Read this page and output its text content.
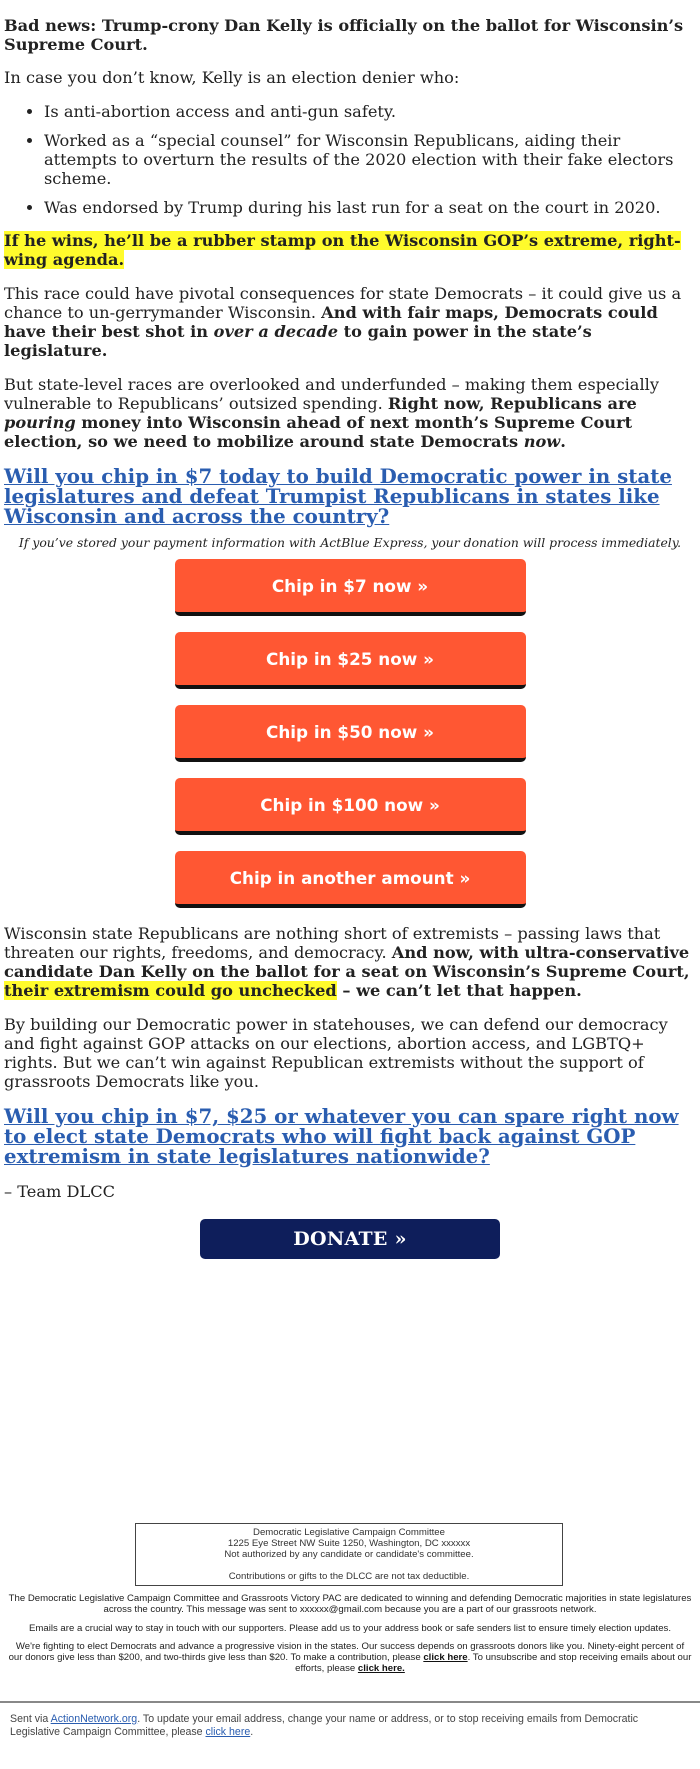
Bad news: Trump-crony Dan Kelly is officially on the ballot for Wisconsin’s Supreme Court.

In case you don’t know, Kelly is an election denier who:

• Is anti-abortion access and anti-gun safety.
• Worked as a “special counsel” for Wisconsin Republicans, aiding their attempts to overturn the results of the 2020 election with their fake electors scheme.
• Was endorsed by Trump during his last run for a seat on the court in 2020.

If he wins, he’ll be a rubber stamp on the Wisconsin GOP’s extreme, right-wing agenda.

This race could have pivotal consequences for state Democrats – it could give us a chance to un-gerrymander Wisconsin. And with fair maps, Democrats could have their best shot in over a decade to gain power in the state’s legislature.

But state-level races are overlooked and underfunded – making them especially vulnerable to Republicans’ outsized spending. Right now, Republicans are pouring money into Wisconsin ahead of next month’s Supreme Court election, so we need to mobilize around state Democrats now.

Will you chip in $7 today to build Democratic power in state legislatures and defeat Trumpist Republicans in states like Wisconsin and across the country?
If you’ve stored your payment information with ActBlue Express, your donation will process immediately.
Chip in $7 now »
Chip in $25 now »
Chip in $50 now »
Chip in $100 now »
Chip in another amount »

Wisconsin state Republicans are nothing short of extremists – passing laws that threaten our rights, freedoms, and democracy. And now, with ultra-conservative candidate Dan Kelly on the ballot for a seat on Wisconsin’s Supreme Court, their extremism could go unchecked – we can’t let that happen.

By building our Democratic power in statehouses, we can defend our democracy and fight against GOP attacks on our elections, abortion access, and LGBTQ+ rights. But we can’t win against Republican extremists without the support of grassroots Democrats like you.

Will you chip in $7, $25 or whatever you can spare right now to elect state Democrats who will fight back against GOP extremism in state legislatures nationwide?

– Team DLCC

DONATE »
Democratic Legislative Campaign Committee
1225 Eye Street NW Suite 1250, Washington, DC xxxxxx
Not authorized by any candidate or candidate's committee.
Contributions or gifts to the DLCC are not tax deductible.
The Democratic Legislative Campaign Committee and Grassroots Victory PAC are dedicated to winning and defending Democratic majorities in state legislatures across the country. This message was sent to xxxxxx@gmail.com because you are a part of our grassroots network.
Emails are a crucial way to stay in touch with our supporters. Please add us to your address book or safe senders list to ensure timely election updates.
We're fighting to elect Democrats and advance a progressive vision in the states. Our success depends on grassroots donors like you. Ninety-eight percent of our donors give less than $200, and two-thirds give less than $20. To make a contribution, please click here. To unsubscribe and stop receiving emails about our efforts, please click here.
Sent via ActionNetwork.org. To update your email address, change your name or address, or to stop receiving emails from Democratic Legislative Campaign Committee, please click here.
